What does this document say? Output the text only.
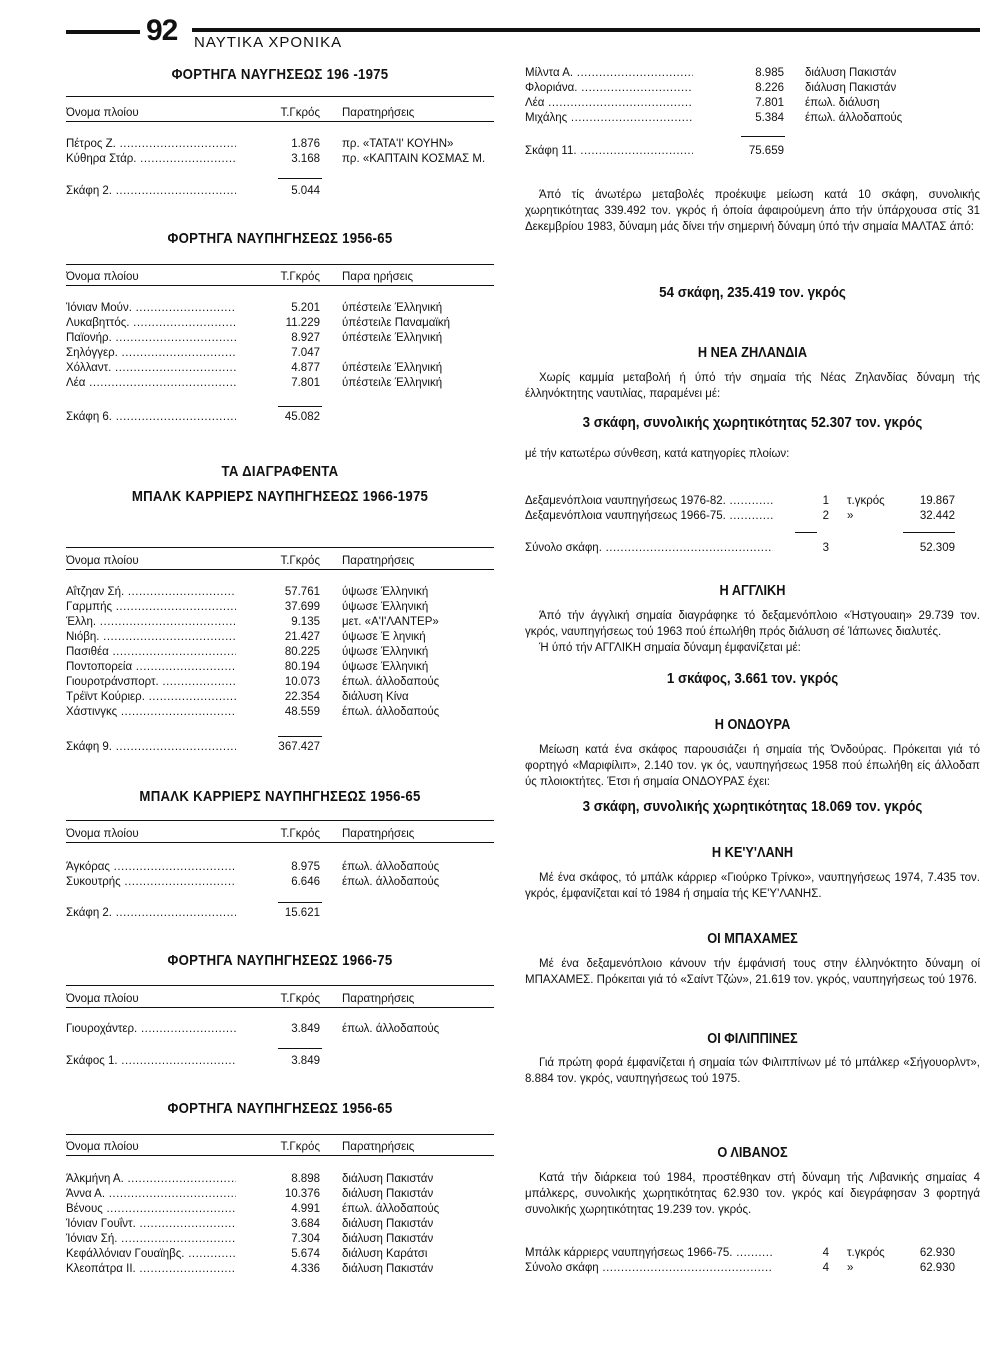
92 ΝΑΥΤΙΚΑ ΧΡΟΝΙΚΑ
ΦΟΡΤΗΓΑ ΝΑΥΓΗΣΕΩΣ 196 -1975
Όνομα πλοίου	Τ.Γκρός Παρατηρήσεις
Πέτρος Ζ. .....	1.876 πρ. «ΤΑΤΑ'Ι' ΚΟΥΗΝ»
Κύθηρα Στάρ. .....	3.168 πρ. «ΚΑΠΤΑΙΝ ΚΟΣΜΑΣ Μ.
Σκάφη 2. .....	5.044
ΦΟΡΤΗΓΑ ΝΑΥΠΗΓΗΣΕΩΣ 1956-65
Όνομα πλοίου	Τ.Γκρός Παρα ηρήσεις
Ίόνιαν Μούν. .....	5.201 ύπέστειλε Έλληνική
Λυκαβηττός. .....	11.229 ύπέστειλε Παναμαϊκή
Παϊονήρ. .....	8.927 ύπέστειλε Έλληνική
Σηλόγγερ. .....	7.047
Χόλλαντ. .....	4.877 ύπέστειλε Έλληνική
Λέα .....	7.801 ύπέστειλε Έλληνική
Σκάφη 6. .....	45.082
ΤΑ ΔΙΑΓΡΑΦΕΝΤΑ
ΜΠΑΛΚ ΚΑΡΡΙΕΡΣ ΝΑΥΠΗΓΗΣΕΩΣ 1966-1975
Όνομα πλοίου	Τ.Γκρός Παρατηρήσεις
Αΐτζηαν Σή. .....	57.761 ύψωσε Έλληνική
Γαρμπής .....	37.699 ύψωσε Έλληνική
Έλλη. .....	9.135 μετ. «Α'Ι'ΛΑΝΤΕΡ»
Νιόβη. .....	21.427 ύψωσε Έ ληνική
Πασιθέα .....	80.225 ύψωσε Έλληνική
Ποντοπορεία .....	80.194 ύψωσε Έλληνική
Γιουροτράνσπορτ. .....	10.073 έπωλ. άλλοδαπούς
Τρέϊντ Κούριερ. .....	22.354 διάλυση Κίνα
Χάστινγκς .....	48.559 έπωλ. άλλοδαπούς
Σκάφη 9. .....	367.427
ΜΠΑΛΚ ΚΑΡΡΙΕΡΣ ΝΑΥΠΗΓΗΣΕΩΣ 1956-65
Όνομα πλοίου	Τ.Γκρός Παρατηρήσεις
Άγκόρας .....	8.975 έπωλ. άλλοδαπούς
Συκουτρής .....	6.646 έπωλ. άλλοδαπούς
Σκάφη 2. .....	15.621
ΦΟΡΤΗΓΑ ΝΑΥΠΗΓΗΣΕΩΣ 1966-75
Όνομα πλοίου	Τ.Γκρός Παρατηρήσεις
Γιουροχάντερ. .....	3.849 έπωλ. άλλοδαπούς
Σκάφος 1. .....	3.849
ΦΟΡΤΗΓΑ ΝΑΥΠΗΓΗΣΕΩΣ 1956-65
Όνομα πλοίου	Τ.Γκρός Παρατηρήσεις
Άλκμήνη Α. .....	8.898 διάλυση Πακιστάν
Άννα Α. .....	10.376 διάλυση Πακιστάν
Βένους .....	4.991 έπωλ. άλλοδαπούς
Ίόνιαν Γουΐντ. .....	3.684 διάλυση Πακιστάν
Ίόνιαν Σή. .....	7.304 διάλυση Πακιστάν
Κεφάλλόνιαν Γουαϊηβς. .....	5.674 διάλυση Καράτσι
Κλεοπάτρα ΙΙ. .....	4.336 διάλυση Πακιστάν
Μίλντα Α. .....	8.985 διάλυση Πακιστάν
Φλοριάνα. .....	8.226 διάλυση Πακιστάν
Λέα .....	7.801 έπωλ. διάλυση
Μιχάλης .....	5.384 έπωλ. άλλοδαπούς
Σκάφη 11. .....	75.659
Άπό τίς άνωτέρω μεταβολές προέκυψε μείωση κατά 10 σκάφη, συνολικής χωρητικότητας 339.492 τον. γκρός ή όποία άφαιρούμενη άπο τήν ύπάρχουσα στίς 31 Δεκεμβρίου 1983, δύναμη μάς δίνει τήν σημερινή δύναμη ύπό τήν σημαία ΜΑΛΤΑΣ άπό:
54 σκάφη, 235.419 τον. γκρός
Η ΝΕΑ ΖΗΛΑΝΔΙΑ
Χωρίς καμμία μεταβολή ή ύπό τήν σημαία τής Νέας Ζηλανδίας δύναμη τής έλληνόκτητης ναυτιλίας, παραμένει μέ:
3 σκάφη, συνολικής χωρητικότητας 52.307 τον. γκρός
μέ τήν κατωτέρω σύνθεση, κατά κατηγορίες πλοίων:
Δεξαμενόπλοια ναυπηγήσεως 1976-82. .....	1 τ.γκρός	19.867
Δεξαμενόπλοια ναυπηγήσεως 1966-75. .....	2 »	32.442
Σύνολο σκάφη. .....	3	52.309
Η ΑΓΓΛΙΚΗ
Άπό τήν άγγλική σημαία διαγράφηκε τό δεξαμενόπλοιο «Ήστγουαιη» 29.739 τον. γκρός, ναυπηγήσεως τού 1963 πού έπωλήθη πρός διάλυση σέ Ίάπωνες διαλυτές.
Ή ύπό τήν ΑΓΓΛΙΚΗ σημαία δύναμη έμφανίζεται μέ:
1 σκάφος, 3.661 τον. γκρός
Η ΟΝΔΟΥΡΑ
Μείωση κατά ένα σκάφος παρουσιάζει ή σημαία τής Όνδούρας. Πρόκειται γιά τό φορτηγό «Μαριφίλιπ», 2.140 τον. γκ ός, ναυπηγήσεως 1958 πού έπωλήθη είς άλλοδαπ ύς πλοιοκτήτες. Έτσι ή σημαία ΟΝΔΟΥΡΑΣ έχει:
3 σκάφη, συνολικής χωρητικότητας 18.069 τον. γκρός
Η ΚΕ'Υ'ΛΑΝΗ
Μέ ένα σκάφος, τό μπάλκ κάρριερ «Γιούρκο Τρίνκο», ναυπηγήσεως 1974, 7.435 τον. γκρός, έμφανίζεται καί τό 1984 ή σημαία τής ΚΕ'Υ'ΛΑΝΗΣ.
ΟΙ ΜΠΑΧΑΜΕΣ
Μέ ένα δεξαμενόπλοιο κάνουν τήν έμφάνισή τους στην έλληνόκτητο δύναμη οί ΜΠΑΧΑΜΕΣ. Πρόκειται γιά τό «Σαίντ Τζών», 21.619 τον. γκρός, ναυπηγήσεως τού 1976.
ΟΙ ΦΙΛΙΠΠΙΝΕΣ
Γιά πρώτη φορά έμφανίζεται ή σημαία τών Φιλιππίνων μέ τό μπάλκερ «Σήγουορλντ», 8.884 τον. γκρός, ναυπηγήσεως τού 1975.
Ο ΛΙΒΑΝΟΣ
Κατά τήν διάρκεια τού 1984, προστέθηκαν στή δύναμη τής Λιβανικής σημαίας 4 μπάλκερς, συνολικής χωρητικότητας 62.930 τον. γκρός καί διεγράφησαν 3 φορτηγά συνολικής χωρητικότητας 19.239 τον. γκρός.
Μπάλκ κάρριερς ναυπηγήσεως 1966-75. .....	4 τ.γκρός	62.930
Σύνολο σκάφη .....	4 »	62.930
